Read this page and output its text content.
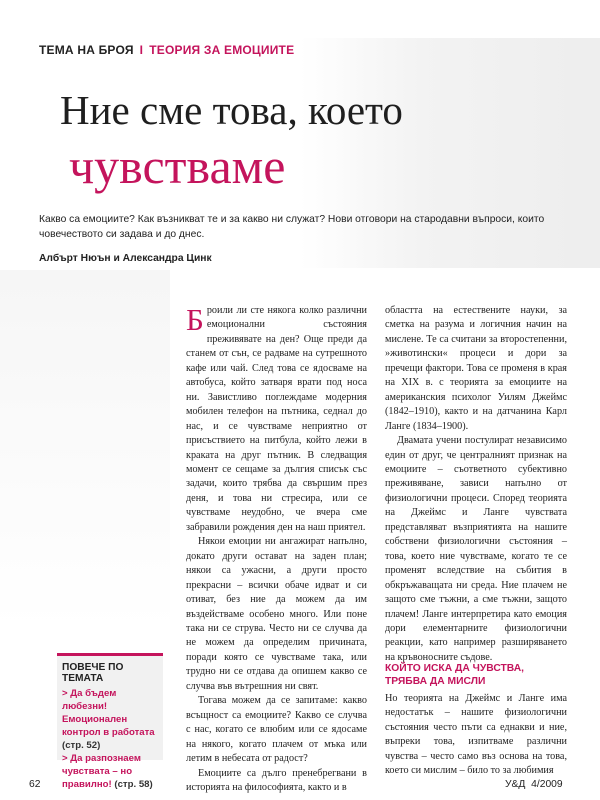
ТЕМА НА БРОЯ I ТЕОРИЯ ЗА ЕМОЦИИТЕ
Ние сме това, което
чувстваме
Какво са емоциите? Как възникват те и за какво ни служат? Нови отговори на стародавни въпроси, които човечеството си задава и до днес.
Албърт Нюън и Александра Цинк

Броили ли сте някога колко различни емоционални състояния преживявате на ден? Още преди да станем от сън, се радваме на сутрешното кафе или чай. След това се ядосваме на автобуса, който затваря врати под носа ни. Завистливо поглеждаме модерния мобилен телефон на пътника, седнал до нас, и се чувстваме неприятно от присъствието на питбула, който лежи в краката на друг пътник. В следващия момент се сещаме за дългия списък със задачи, които трябва да свършим през деня, и това ни стресира, или се чувстваме неудобно, че вчера сме забравили рождения ден на наш приятел.

Някои емоции ни ангажират напълно, докато други остават на заден план; някои са ужасни, а други просто прекрасни – всички обаче идват и си отиват, без ние да можем да им въздействаме особено много. Или поне така ни се струва. Често ни се случва да не можем да определим причината, поради която се чувстваме така, или трудно ни се отдава да опишем какво се случва във вътрешния ни свят.

Тогава можем да се запитаме: какво всъщност са емоциите? Какво се случва с нас, когато се влюбим или се ядосаме на някого, когато плачем от мъка или летим в небесата от радост?

Емоциите са дълго пренебрегвани в историята на философията, както и в

областта на естествените науки, за сметка на разума и логичния начин на мислене. Те са считани за второстепенни, »животински« процеси и дори за пречещи фактори. Това се променя в края на XIX в. с теорията за емоциите на американския психолог Уилям Джеймс (1842–1910), както и на датчанина Карл Ланге (1834–1900).

Двамата учени постулират независимо един от друг, че централният признак на емоциите – съответното субективно преживяване, зависи напълно от физиологични процеси. Според теорията на Джеймс и Ланге чувствата представляват възприятията на нашите собствени физиологични състояния – това, което ние чувстваме, когато те се променят вследствие на събития в обкръжаващата ни среда. Ние плачем не защото сме тъжни, а сме тъжни, защото плачем! Ланге интерпретира като емоция дори елементарните физиологични реакции, като например разширяването на кръвоносните съдове.

КОЙТО ИСКА ДА ЧУВСТВА, ТРЯБВА ДА МИСЛИ

Но теорията на Джеймс и Ланге има недостатък – нашите физиологични състояния често пъти са еднакви и ние, въпреки това, изпитваме различни чувства – често само въз основа на това, което си мислим – било то за любимия

ПОВЕЧЕ ПО ТЕМАТА
> Да бъдем любезни! Емоционален контрол в работата (стр. 52)
> Да разпознаем чувствата – но правилно! (стр. 58)
62	У&Д 4/2009
